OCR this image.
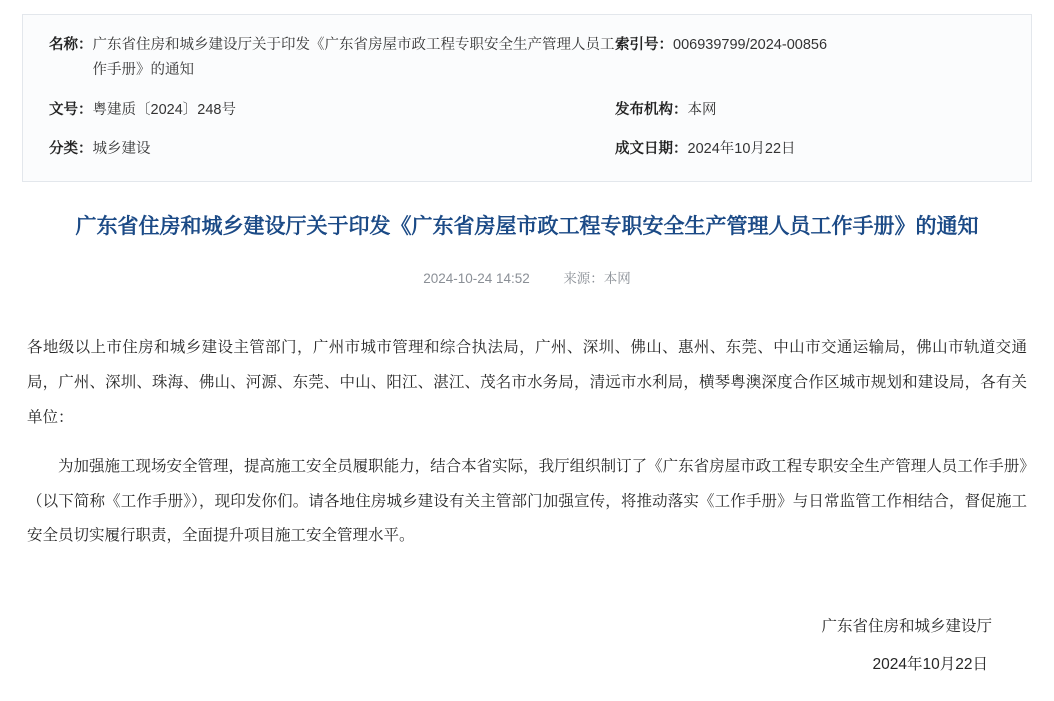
名称： 广东省住房和城乡建设厅关于印发《广东省房屋市政工程专职安全生产管理人员工作手册》的通知
索引号： 006939799/2024-00856
文号： 粤建质〔2024〕248号	发布机构： 本网
分类： 城乡建设	成文日期： 2024年10月22日
广东省住房和城乡建设厅关于印发《广东省房屋市政工程专职安全生产管理人员工作手册》的通知
2024-10-24 14:52 来源：本网

各地级以上市住房和城乡建设主管部门，广州市城市管理和综合执法局，广州、深圳、佛山、惠州、东莞、中山市交通运输局，佛山市轨道交通局，广州、深圳、珠海、佛山、河源、东莞、中山、阳江、湛江、茂名市水务局，清远市水利局，横琴粤澳深度合作区城市规划和建设局，各有关单位：

为加强施工现场安全管理，提高施工安全员履职能力，结合本省实际，我厅组织制订了《广东省房屋市政工程专职安全生产管理人员工作手册》（以下简称《工作手册》），现印发你们。请各地住房城乡建设有关主管部门加强宣传，将推动落实《工作手册》与日常监管工作相结合，督促施工安全员切实履行职责，全面提升项目施工安全管理水平。

广东省住房和城乡建设厅
2024年10月22日
